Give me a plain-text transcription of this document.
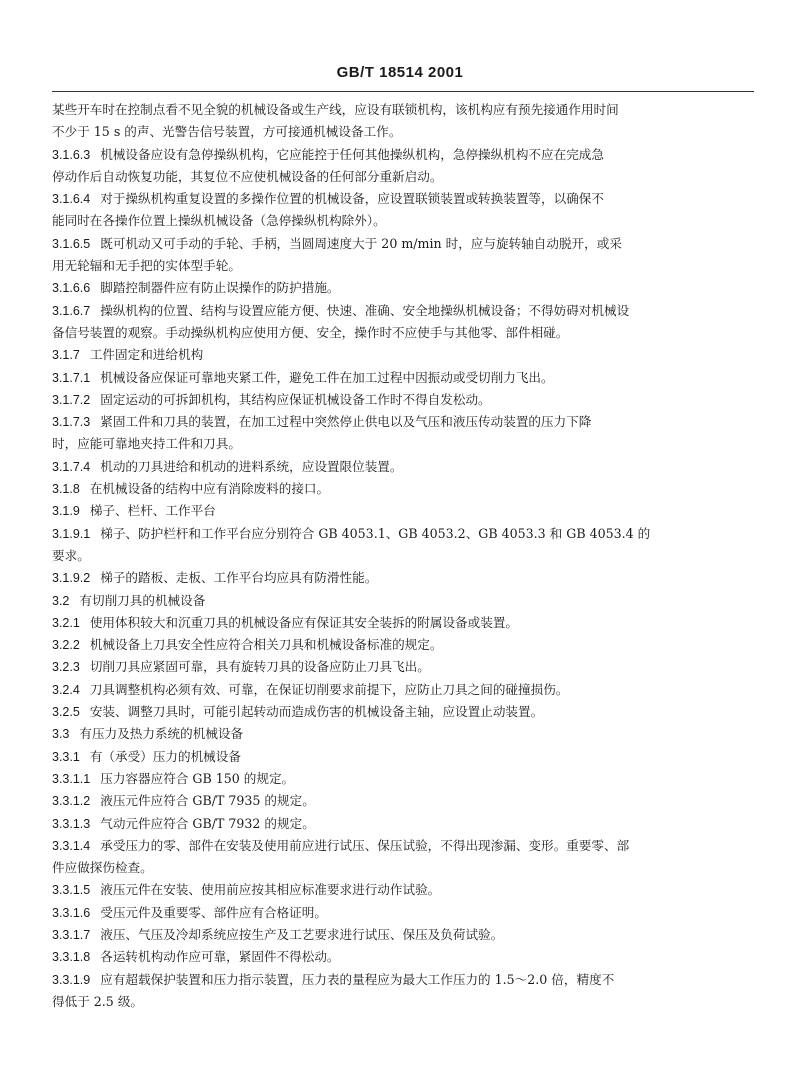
GB/T 18514 2001
某些开车时在控制点看不见全貌的机械设备或生产线，应设有联锁机构，该机构应有预先接通作用时间
不少于 15 s 的声、光警告信号装置，方可接通机械设备工作。
3.1.6.3 机械设备应设有急停操纵机构，它应能控于任何其他操纵机构，急停操纵机构不应在完成急
停动作后自动恢复功能，其复位不应使机械设备的任何部分重新启动。
3.1.6.4 对于操纵机构重复设置的多操作位置的机械设备，应设置联锁装置或转换装置等，以确保不
能同时在各操作位置上操纵机械设备（急停操纵机构除外）。
3.1.6.5 既可机动又可手动的手轮、手柄，当圆周速度大于 20 m/min 时，应与旋转轴自动脱开，或采
用无轮辐和无手把的实体型手轮。
3.1.6.6 脚踏控制器件应有防止误操作的防护措施。
3.1.6.7 操纵机构的位置、结构与设置应能方便、快速、准确、安全地操纵机械设备；不得妨碍对机械设
备信号装置的观察。手动操纵机构应使用方便、安全，操作时不应使手与其他零、部件相碰。
3.1.7 工件固定和进给机构
3.1.7.1 机械设备应保证可靠地夹紧工件，避免工件在加工过程中因振动或受切削力飞出。
3.1.7.2 固定运动的可拆卸机构，其结构应保证机械设备工作时不得自发松动。
3.1.7.3 紧固工件和刀具的装置，在加工过程中突然停止供电以及气压和液压传动装置的压力下降
时，应能可靠地夹持工件和刀具。
3.1.7.4 机动的刀具进给和机动的进料系统，应设置限位装置。
3.1.8 在机械设备的结构中应有消除废料的接口。
3.1.9 梯子、栏杆、工作平台
3.1.9.1 梯子、防护栏杆和工作平台应分别符合 GB 4053.1、GB 4053.2、GB 4053.3 和 GB 4053.4 的
要求。
3.1.9.2 梯子的踏板、走板、工作平台均应具有防滑性能。
3.2 有切削刀具的机械设备
3.2.1 使用体积较大和沉重刀具的机械设备应有保证其安全装拆的附属设备或装置。
3.2.2 机械设备上刀具安全性应符合相关刀具和机械设备标准的规定。
3.2.3 切削刀具应紧固可靠，具有旋转刀具的设备应防止刀具飞出。
3.2.4 刀具调整机构必须有效、可靠，在保证切削要求前提下，应防止刀具之间的碰撞损伤。
3.2.5 安装、调整刀具时，可能引起转动而造成伤害的机械设备主轴，应设置止动装置。
3.3 有压力及热力系统的机械设备
3.3.1 有（承受）压力的机械设备
3.3.1.1 压力容器应符合 GB 150 的规定。
3.3.1.2 液压元件应符合 GB/T 7935 的规定。
3.3.1.3 气动元件应符合 GB/T 7932 的规定。
3.3.1.4 承受压力的零、部件在安装及使用前应进行试压、保压试验，不得出现渗漏、变形。重要零、部
件应做探伤检查。
3.3.1.5 液压元件在安装、使用前应按其相应标准要求进行动作试验。
3.3.1.6 受压元件及重要零、部件应有合格证明。
3.3.1.7 液压、气压及冷却系统应按生产及工艺要求进行试压、保压及负荷试验。
3.3.1.8 各运转机构动作应可靠，紧固件不得松动。
3.3.1.9 应有超载保护装置和压力指示装置，压力表的量程应为最大工作压力的 1.5～2.0 倍，精度不
得低于 2.5 级。
